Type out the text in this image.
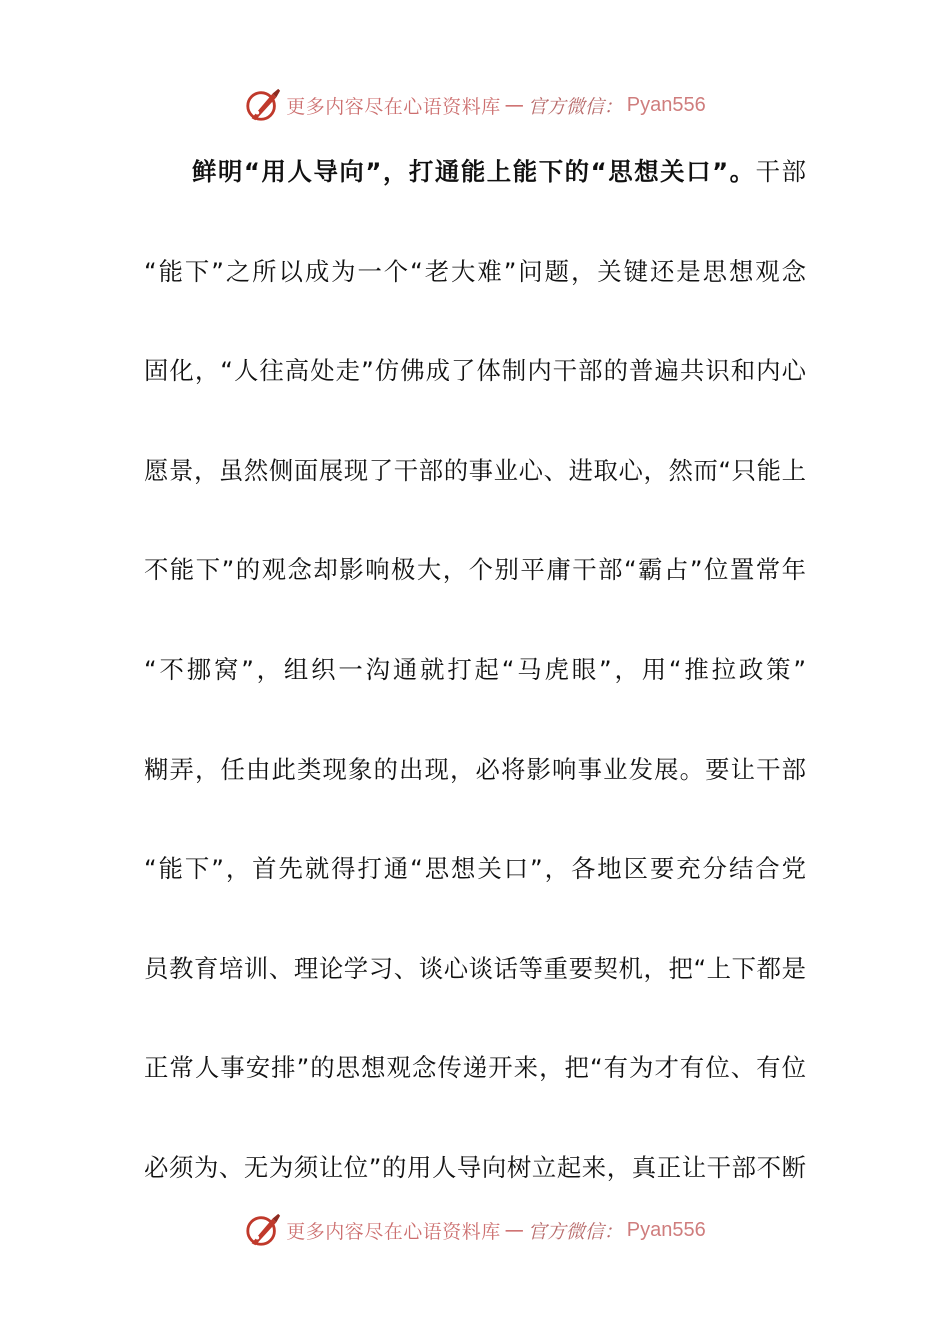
更多内容尽在心语资料库 — 官方微信： Pyan556
鲜明“用人导向”，打通能上能下的“思想关口”。干部
“能下”之所以成为一个“老大难”问题，关键还是思想观念
固化，“人往高处走”仿佛成了体制内干部的普遍共识和内心
愿景，虽然侧面展现了干部的事业心、进取心，然而“只能上
不能下”的观念却影响极大，个别平庸干部“霸占”位置常年
“不挪窝”，组织一沟通就打起“马虎眼”，用“推拉政策”
糊弄，任由此类现象的出现，必将影响事业发展。要让干部
“能下”，首先就得打通“思想关口”，各地区要充分结合党
员教育培训、理论学习、谈心谈话等重要契机，把“上下都是
正常人事安排”的思想观念传递开来，把“有为才有位、有位
必须为、无为须让位”的用人导向树立起来，真正让干部不断
更多内容尽在心语资料库 — 官方微信： Pyan556
